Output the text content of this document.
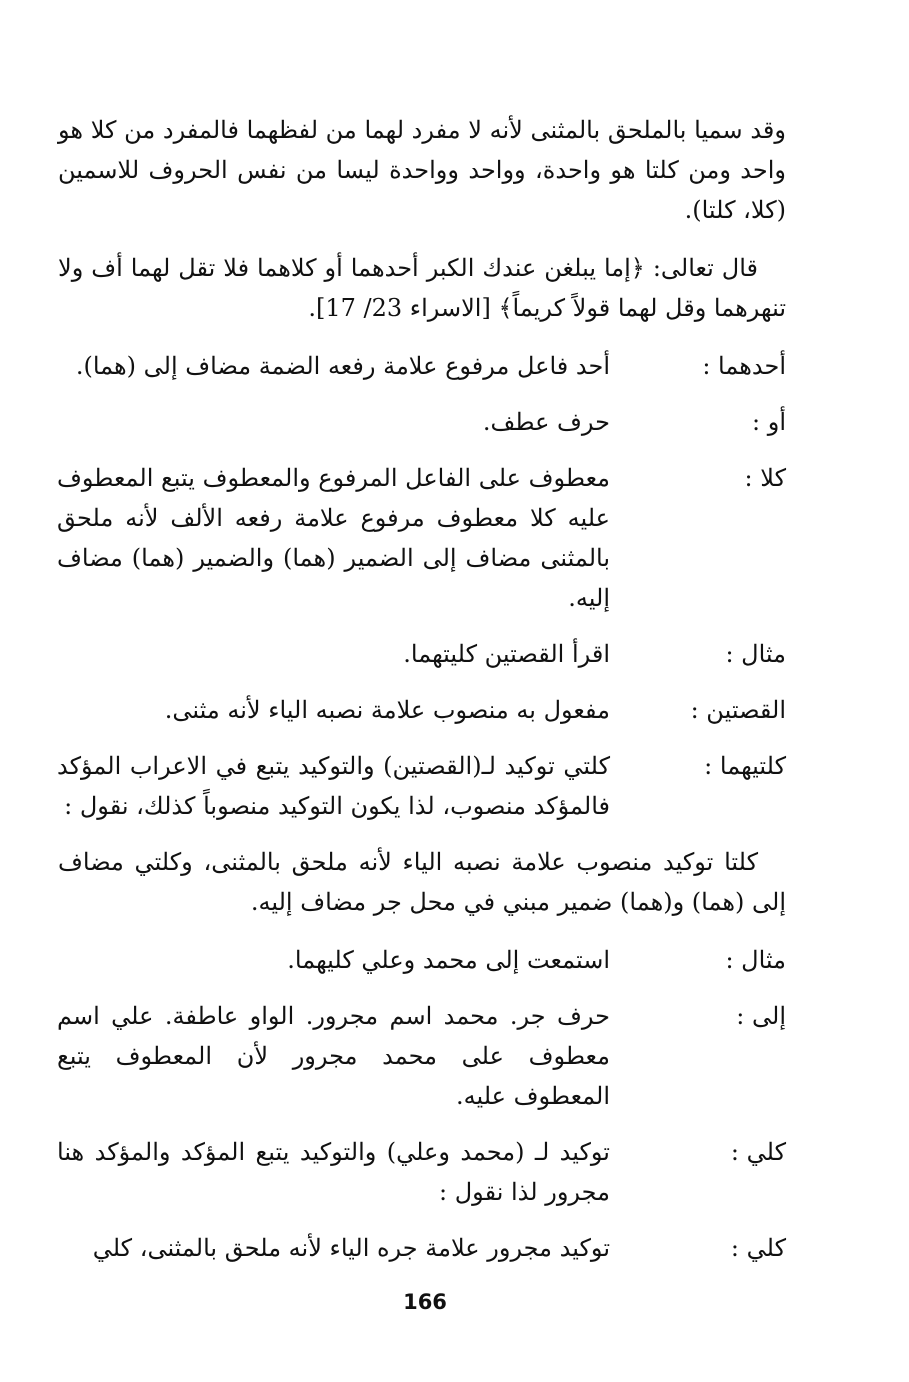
وقد سميا بالملحق بالمثنى لأنه لا مفرد لهما من لفظهما فالمفرد من كلا هو واحد ومن كلتا هو واحدة، وواحد وواحدة ليسا من نفس الحروف للاسمين (كلا، كلتا).

قال تعالى: ﴿إما يبلغن عندك الكبر أحدهما أو كلاهما فلا تقل لهما أف ولا تنهرهما وقل لهما قولاً كريماً﴾ [الاسراء 23/ 17].

أحدهما :
أحد فاعل مرفوع علامة رفعه الضمة مضاف إلى (هما).
أو :
حرف عطف.
كلا :
معطوف على الفاعل المرفوع والمعطوف يتبع المعطوف عليه كلا معطوف مرفوع علامة رفعه الألف لأنه ملحق بالمثنى مضاف إلى الضمير (هما) والضمير (هما) مضاف إليه.
مثال :
اقرأ القصتين كليتهما.
القصتين :
مفعول به منصوب علامة نصبه الياء لأنه مثنى.
كلتيهما :
كلتي توكيد لـ(القصتين) والتوكيد يتبع في الاعراب المؤكد فالمؤكد منصوب، لذا يكون التوكيد منصوباً كذلك، نقول :

كلتا توكيد منصوب علامة نصبه الياء لأنه ملحق بالمثنى، وكلتي مضاف إلى (هما) و(هما) ضمير مبني في محل جر مضاف إليه.

مثال :
استمعت إلى محمد وعلي كليهما.
إلى :
حرف جر. محمد اسم مجرور. الواو عاطفة. علي اسم معطوف على محمد مجرور لأن المعطوف يتبع المعطوف عليه.
كلي :
توكيد لـ (محمد وعلي) والتوكيد يتبع المؤكد والمؤكد هنا مجرور لذا نقول :
كلي :
توكيد مجرور علامة جره الياء لأنه ملحق بالمثنى، كلي
166
